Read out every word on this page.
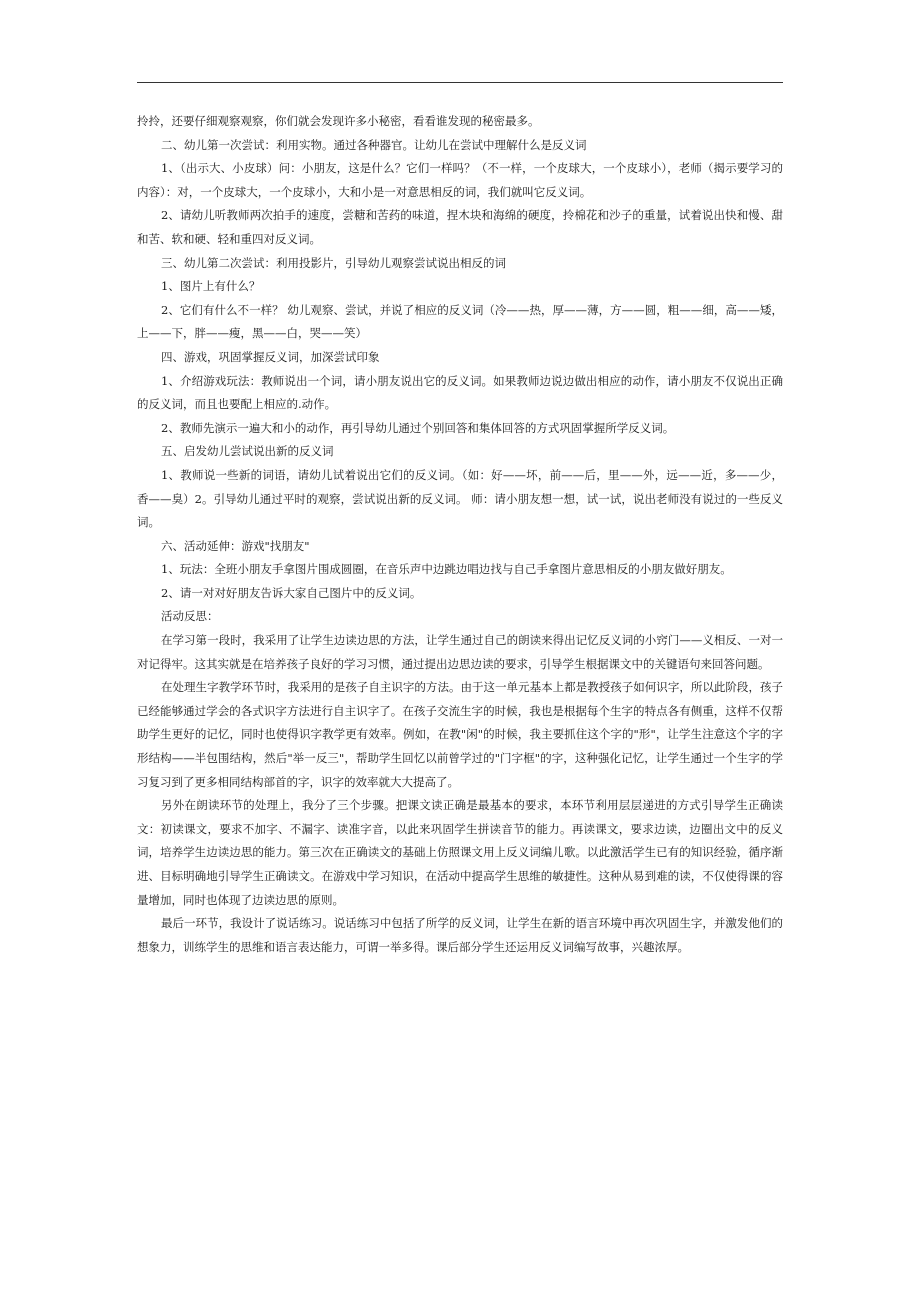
拎拎，还要仔细观察观察，你们就会发现许多小秘密，看看谁发现的秘密最多。

二、幼儿第一次尝试：利用实物。通过各种器官。让幼儿在尝试中理解什么是反义词

1、（出示大、小皮球）问：小朋友，这是什么？它们一样吗？（不一样，一个皮球大，一个皮球小），老师（揭示要学习的内容）：对，一个皮球大，一个皮球小，大和小是一对意思相反的词，我们就叫它反义词。

2、请幼儿听教师两次拍手的速度，尝糖和苦药的味道，捏木块和海绵的硬度，拎棉花和沙子的重量，试着说出快和慢、甜和苦、软和硬、轻和重四对反义词。

三、幼儿第二次尝试：利用投影片，引导幼儿观察尝试说出相反的词

1、图片上有什么？

2、它们有什么不一样？ 幼儿观察、尝试，并说了相应的反义词（冷——热，厚——薄，方——圆，粗——细，高——矮，上——下，胖——瘦，黑——白，哭——笑）

四、游戏，巩固掌握反义词，加深尝试印象

1、介绍游戏玩法：教师说出一个词，请小朋友说出它的反义词。如果教师边说边做出相应的动作，请小朋友不仅说出正确的反义词，而且也要配上相应的.动作。

2、教师先演示一遍大和小的动作，再引导幼儿通过个别回答和集体回答的方式巩固掌握所学反义词。

五、启发幼儿尝试说出新的反义词

1、教师说一些新的词语，请幼儿试着说出它们的反义词。（如：好——坏，前——后，里——外，远——近，多——少，香——臭）2。引导幼儿通过平时的观察，尝试说出新的反义词。 师：请小朋友想一想，试一试，说出老师没有说过的一些反义词。

六、活动延伸：游戏"找朋友"

1、玩法：全班小朋友手拿图片围成圆圈，在音乐声中边跳边唱边找与自己手拿图片意思相反的小朋友做好朋友。

2、请一对对好朋友告诉大家自己图片中的反义词。

活动反思：

在学习第一段时，我采用了让学生边读边思的方法，让学生通过自己的朗读来得出记忆反义词的小窍门——义相反、一对一对记得牢。这其实就是在培养孩子良好的学习习惯，通过提出边思边读的要求，引导学生根据课文中的关键语句来回答问题。

在处理生字教学环节时，我采用的是孩子自主识字的方法。由于这一单元基本上都是教授孩子如何识字，所以此阶段，孩子已经能够通过学会的各式识字方法进行自主识字了。在孩子交流生字的时候，我也是根据每个生字的特点各有侧重，这样不仅帮助学生更好的记忆，同时也使得识字教学更有效率。例如，在教"闲"的时候，我主要抓住这个字的"形"，让学生注意这个字的字形结构——半包围结构，然后"举一反三"，帮助学生回忆以前曾学过的"门字框"的字，这种强化记忆，让学生通过一个生字的学习复习到了更多相同结构部首的字，识字的效率就大大提高了。

另外在朗读环节的处理上，我分了三个步骤。把课文读正确是最基本的要求，本环节利用层层递进的方式引导学生正确读文：初读课文，要求不加字、不漏字、读准字音，以此来巩固学生拼读音节的能力。再读课文，要求边读，边圈出文中的反义词，培养学生边读边思的能力。第三次在正确读文的基础上仿照课文用上反义词编儿歌。以此激活学生已有的知识经验，循序渐进、目标明确地引导学生正确读文。在游戏中学习知识，在活动中提高学生思维的敏捷性。这种从易到难的读，不仅使得课的容量增加，同时也体现了边读边思的原则。

最后一环节，我设计了说话练习。说话练习中包括了所学的反义词，让学生在新的语言环境中再次巩固生字，并激发他们的想象力，训练学生的思维和语言表达能力，可谓一举多得。课后部分学生还运用反义词编写故事，兴趣浓厚。
